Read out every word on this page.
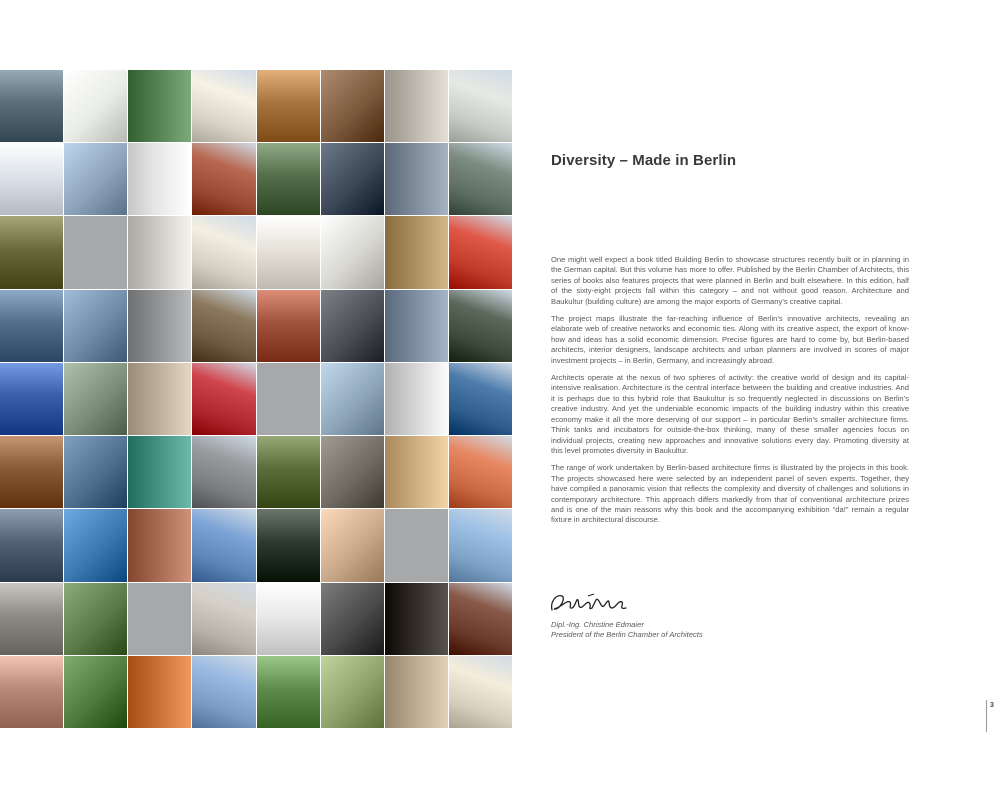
Diversity – Made in Berlin

One might well expect a book titled Building Berlin to showcase structures recently built or in planning in the German capital. But this volume has more to offer. Published by the Berlin Chamber of Architects, this series of books also features projects that were planned in Berlin and built elsewhere. In this edition, half of the sixty-eight projects fall within this category – and not without good reason. Architecture and Baukultur (building culture) are among the major exports of Germany’s creative capital.

The project maps illustrate the far-reaching influence of Berlin’s innovative architects, revealing an elaborate web of creative networks and economic ties. Along with its creative aspect, the export of know-how and ideas has a solid economic dimension. Precise figures are hard to come by, but Berlin-based architects, interior designers, landscape architects and urban planners are involved in scores of major investment projects – in Berlin, Germany, and increasingly abroad.

Architects operate at the nexus of two spheres of activity: the creative world of design and its capital-intensive realisation. Architecture is the central interface between the building and creative industries. And it is perhaps due to this hybrid role that Baukultur is so frequently neglected in discussions on Berlin’s creative industry. And yet the undeniable economic impacts of the building industry within this creative economy make it all the more deserving of our support – in particular Berlin’s smaller architecture firms. Think tanks and incubators for outside-the-box thinking, many of these smaller agencies focus on individual projects, creating new approaches and innovative solutions every day. Promoting diversity at this level promotes diversity in Baukultur.

The range of work undertaken by Berlin-based architecture firms is illustrated by the projects in this book. The projects showcased here were selected by an independent panel of seven experts. Together, they have compiled a panoramic vision that reflects the complexity and diversity of challenges and solutions in contemporary architecture. This approach differs markedly from that of conventional architecture prizes and is one of the main reasons why this book and the accompanying exhibition “da!” remain a regular fixture in architectural discourse.

Dipl.-Ing. Christine Edmaier
President of the Berlin Chamber of Architects
3
